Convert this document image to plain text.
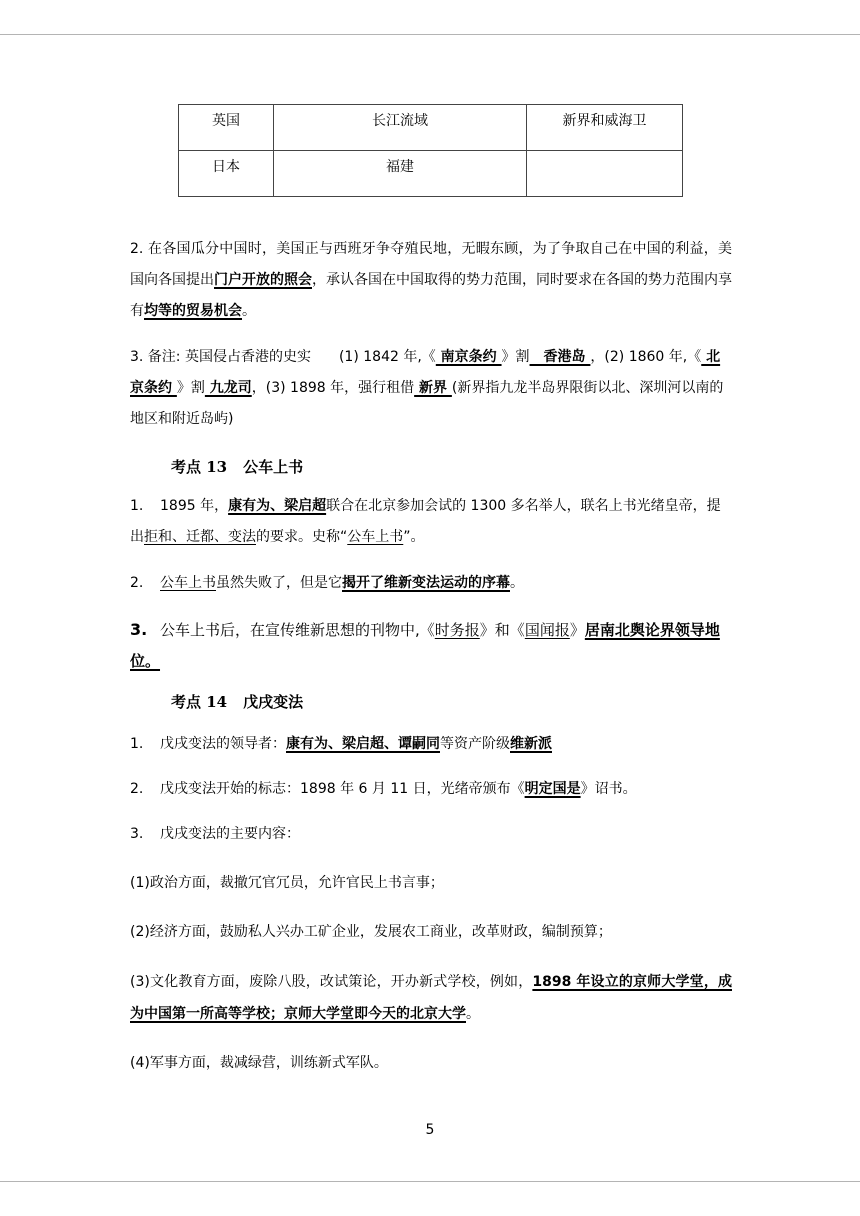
英国	长江流域	新界和威海卫
日本	福建	
2. 在各国瓜分中国时，美国正与西班牙争夺殖民地，无暇东顾，为了争取自己在中国的利益，美国向各国提出门户开放的照会，承认各国在中国取得的势力范围，同时要求在各国的势力范围内享有均等的贸易机会。
3. 备注: 英国侵占香港的史实　　(1) 1842 年,《 南京条约 》割　香港岛 ，(2) 1860 年,《 北京条约 》割 九龙司，(3) 1898 年，强行租借 新界 (新界指九龙半岛界限街以北、深圳河以南的地区和附近岛屿)
考点 13 公车上书
1. 1895 年，康有为、梁启超联合在北京参加会试的 1300 多名举人，联名上书光绪皇帝，提出拒和、迁都、变法的要求。史称“公车上书”。
2. 公车上书虽然失败了，但是它揭开了维新变法运动的序幕。
3. 公车上书后，在宣传维新思想的刊物中,《时务报》和《国闻报》居南北舆论界领导地位。
考点 14 戊戌变法
1. 戊戌变法的领导者：康有为、梁启超、谭嗣同等资产阶级维新派
2. 戊戌变法开始的标志：1898 年 6 月 11 日，光绪帝颁布《明定国是》诏书。
3. 戊戌变法的主要内容：
(1)政治方面，裁撤冗官冗员，允许官民上书言事；
(2)经济方面，鼓励私人兴办工矿企业，发展农工商业，改革财政，编制预算；
(3)文化教育方面，废除八股，改试策论，开办新式学校，例如，1898 年设立的京师大学堂，成为中国第一所高等学校；京师大学堂即今天的北京大学。
(4)军事方面，裁减绿营，训练新式军队。
5
